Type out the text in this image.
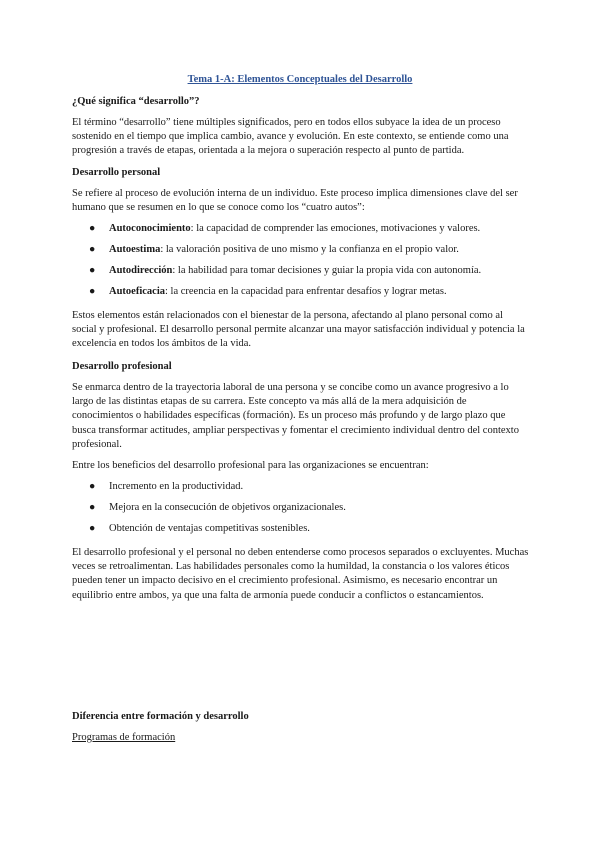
Tema 1-A: Elementos Conceptuales del Desarrollo

¿Qué significa “desarrollo”?

El término “desarrollo” tiene múltiples significados, pero en todos ellos subyace la idea de un proceso sostenido en el tiempo que implica cambio, avance y evolución. En este contexto, se entiende como una progresión a través de etapas, orientada a la mejora o superación respecto al punto de partida.

Desarrollo personal

Se refiere al proceso de evolución interna de un individuo. Este proceso implica dimensiones clave del ser humano que se resumen en lo que se conoce como los “cuatro autos”:

● Autoconocimiento: la capacidad de comprender las emociones, motivaciones y valores.
● Autoestima: la valoración positiva de uno mismo y la confianza en el propio valor.
● Autodirección: la habilidad para tomar decisiones y guiar la propia vida con autonomía.
● Autoeficacia: la creencia en la capacidad para enfrentar desafíos y lograr metas.

Estos elementos están relacionados con el bienestar de la persona, afectando al plano personal como al social y profesional. El desarrollo personal permite alcanzar una mayor satisfacción individual y potencia la excelencia en todos los ámbitos de la vida.

Desarrollo profesional

Se enmarca dentro de la trayectoria laboral de una persona y se concibe como un avance progresivo a lo largo de las distintas etapas de su carrera. Este concepto va más allá de la mera adquisición de conocimientos o habilidades específicas (formación). Es un proceso más profundo y de largo plazo que busca transformar actitudes, ampliar perspectivas y fomentar el crecimiento individual dentro del contexto profesional.

Entre los beneficios del desarrollo profesional para las organizaciones se encuentran:

● Incremento en la productividad.
● Mejora en la consecución de objetivos organizacionales.
● Obtención de ventajas competitivas sostenibles.

El desarrollo profesional y el personal no deben entenderse como procesos separados o excluyentes. Muchas veces se retroalimentan. Las habilidades personales como la humildad, la constancia o los valores éticos pueden tener un impacto decisivo en el crecimiento profesional. Asimismo, es necesario encontrar un equilibrio entre ambos, ya que una falta de armonía puede conducir a conflictos o estancamientos.

Diferencia entre formación y desarrollo

Programas de formación
